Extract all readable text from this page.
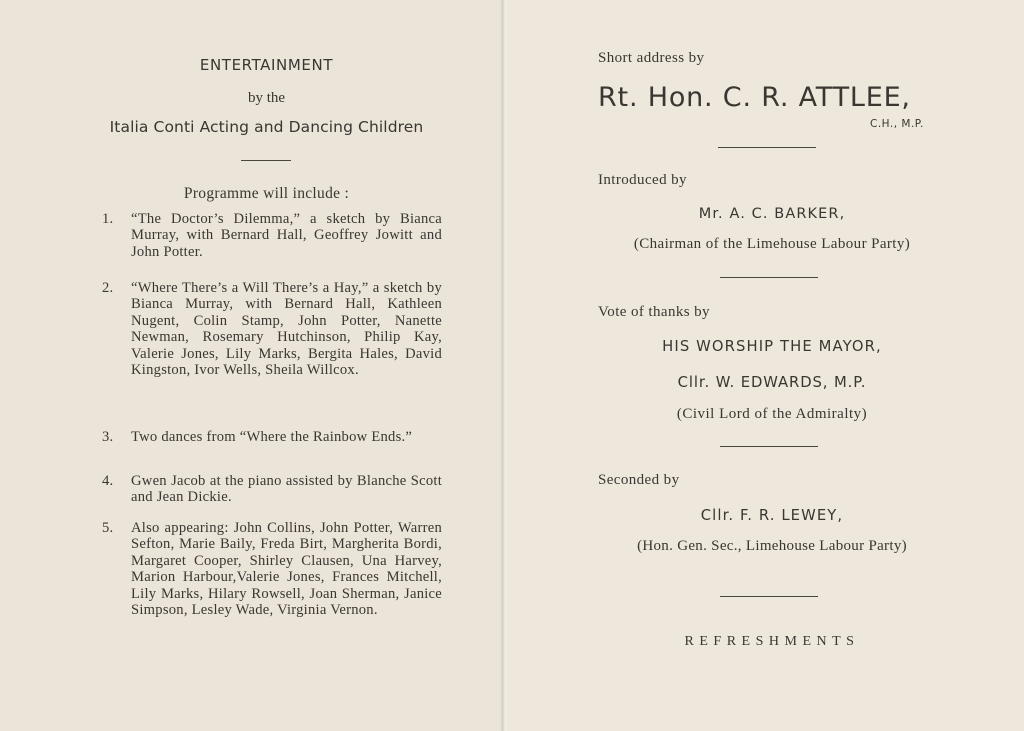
ENTERTAINMENT
by the
Italia Conti Acting and Dancing Children
Programme will include :
1. “The Doctor’s Dilemma,” a sketch by Bianca Murray, with Bernard Hall, Geoffrey Jowitt and John Potter.
2. “Where There’s a Will There’s a Hay,” a sketch by Bianca Murray, with Bernard Hall, Kathleen Nugent, Colin Stamp, John Potter, Nanette Newman, Rosemary Hutchinson, Philip Kay, Valerie Jones, Lily Marks, Bergita Hales, David Kingston, Ivor Wells, Sheila Willcox.
3. Two dances from “Where the Rainbow Ends.”
4. Gwen Jacob at the piano assisted by Blanche Scott and Jean Dickie.
5. Also appearing: John Collins, John Potter, Warren Sefton, Marie Baily, Freda Birt, Margherita Bordi, Margaret Cooper, Shirley Clausen, Una Harvey, Marion Harbour,Valerie Jones, Frances Mitchell, Lily Marks, Hilary Rowsell, Joan Sherman, Janice Simpson, Lesley Wade, Virginia Vernon.
Short address by
Rt. Hon. C. R. ATTLEE,
C.H., M.P.
Introduced by
Mr. A. C. BARKER,
(Chairman of the Limehouse Labour Party)
Vote of thanks by
HIS WORSHIP THE MAYOR,
Cllr. W. EDWARDS, M.P.
(Civil Lord of the Admiralty)
Seconded by
Cllr. F. R. LEWEY,
(Hon. Gen. Sec., Limehouse Labour Party)
REFRESHMENTS
